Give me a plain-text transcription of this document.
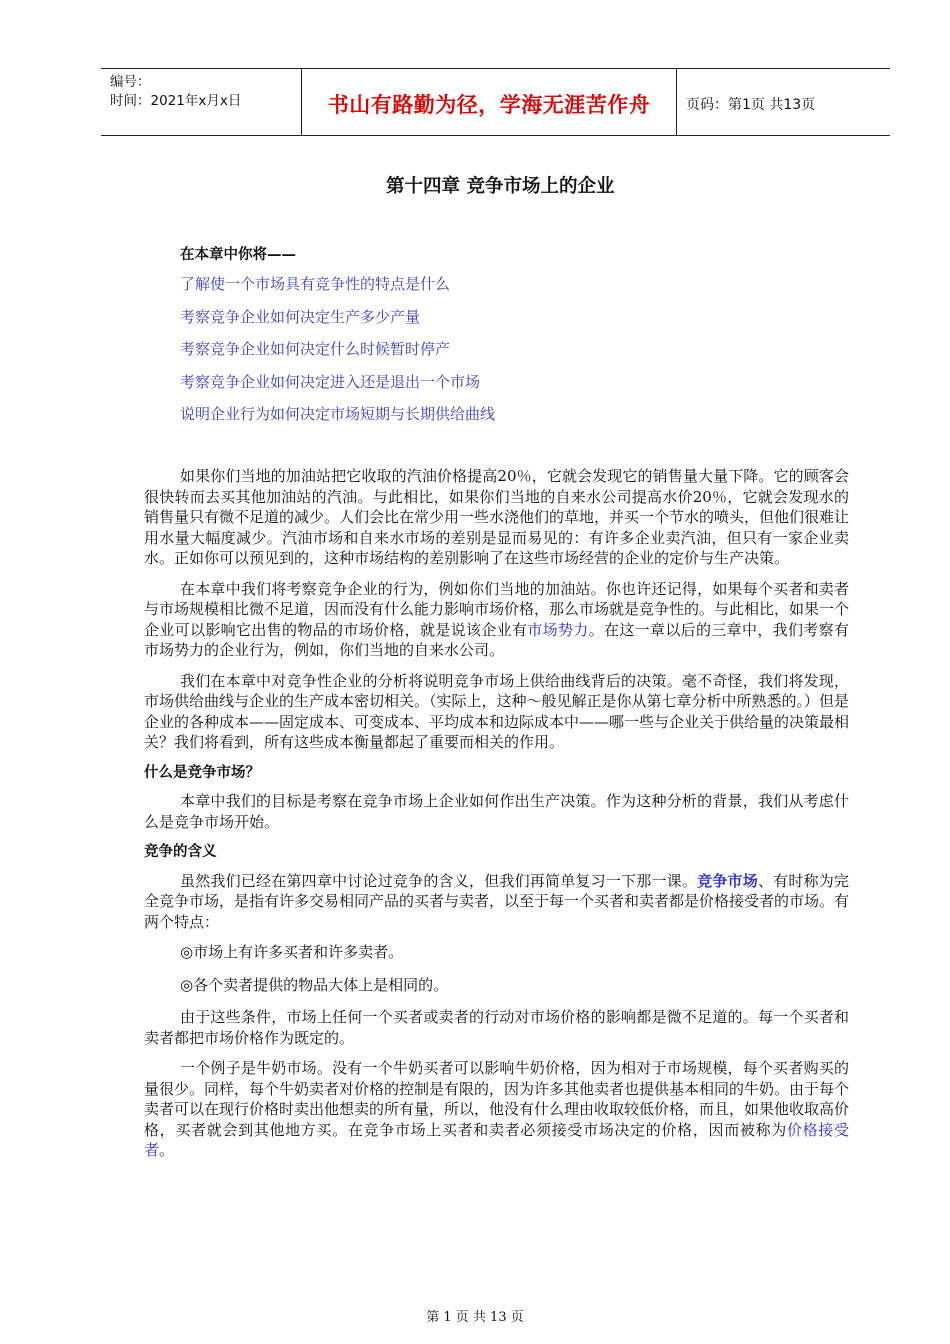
编号：
时间：2021年x月x日	书山有路勤为径，学海无涯苦作舟	页码：第1页 共13页
第十四章 竞争市场上的企业
在本章中你将——
了解使一个市场具有竞争性的特点是什么
考察竞争企业如何决定生产多少产量
考察竞争企业如何决定什么时候暂时停产
考察竞争企业如何决定进入还是退出一个市场
说明企业行为如何决定市场短期与长期供给曲线

如果你们当地的加油站把它收取的汽油价格提高20％，它就会发现它的销售量大量下降。它的顾客会很快转而去买其他加油站的汽油。与此相比，如果你们当地的自来水公司提高水价20％，它就会发现水的销售量只有微不足道的减少。人们会比在常少用一些水浇他们的草地，并买一个节水的喷头，但他们很难让用水量大幅度减少。汽油市场和自来水市场的差别是显而易见的：有许多企业卖汽油，但只有一家企业卖水。正如你可以预见到的，这种市场结构的差别影响了在这些市场经营的企业的定价与生产决策。

在本章中我们将考察竞争企业的行为，例如你们当地的加油站。你也许还记得，如果每个买者和卖者与市场规模相比微不足道，因而没有什么能力影响市场价格，那么市场就是竞争性的。与此相比，如果一个企业可以影响它出售的物品的市场价格，就是说该企业有市场势力。在这一章以后的三章中，我们考察有市场势力的企业行为，例如，你们当地的自来水公司。

我们在本章中对竞争性企业的分析将说明竞争市场上供给曲线背后的决策。毫不奇怪，我们将发现，市场供给曲线与企业的生产成本密切相关。（实际上，这种～般见解正是你从第七章分析中所熟悉的。）但是企业的各种成本——固定成本、可变成本、平均成本和边际成本中——哪一些与企业关于供给量的决策最相关？我们将看到，所有这些成本衡量都起了重要而相关的作用。

什么是竞争市场？

本章中我们的目标是考察在竞争市场上企业如何作出生产决策。作为这种分析的背景，我们从考虑什么是竞争市场开始。

竞争的含义

虽然我们已经在第四章中讨论过竞争的含义，但我们再简单复习一下那一课。竞争市场、有时称为完全竞争市场，是指有许多交易相同产品的买者与卖者，以至于每一个买者和卖者都是价格接受者的市场。有两个特点：

◎市场上有许多买者和许多卖者。

◎各个卖者提供的物品大体上是相同的。

由于这些条件，市场上任何一个买者或卖者的行动对市场价格的影响都是微不足道的。每一个买者和卖者都把市场价格作为既定的。

一个例子是牛奶市场。没有一个牛奶买者可以影响牛奶价格，因为相对于市场规模，每个买者购买的量很少。同样，每个牛奶卖者对价格的控制是有限的，因为许多其他卖者也提供基本相同的牛奶。由于每个卖者可以在现行价格时卖出他想卖的所有量，所以，他没有什么理由收取较低价格，而且，如果他收取高价格，买者就会到其他地方买。在竞争市场上买者和卖者必须接受市场决定的价格，因而被称为价格接受者。

第 1 页 共 13 页
